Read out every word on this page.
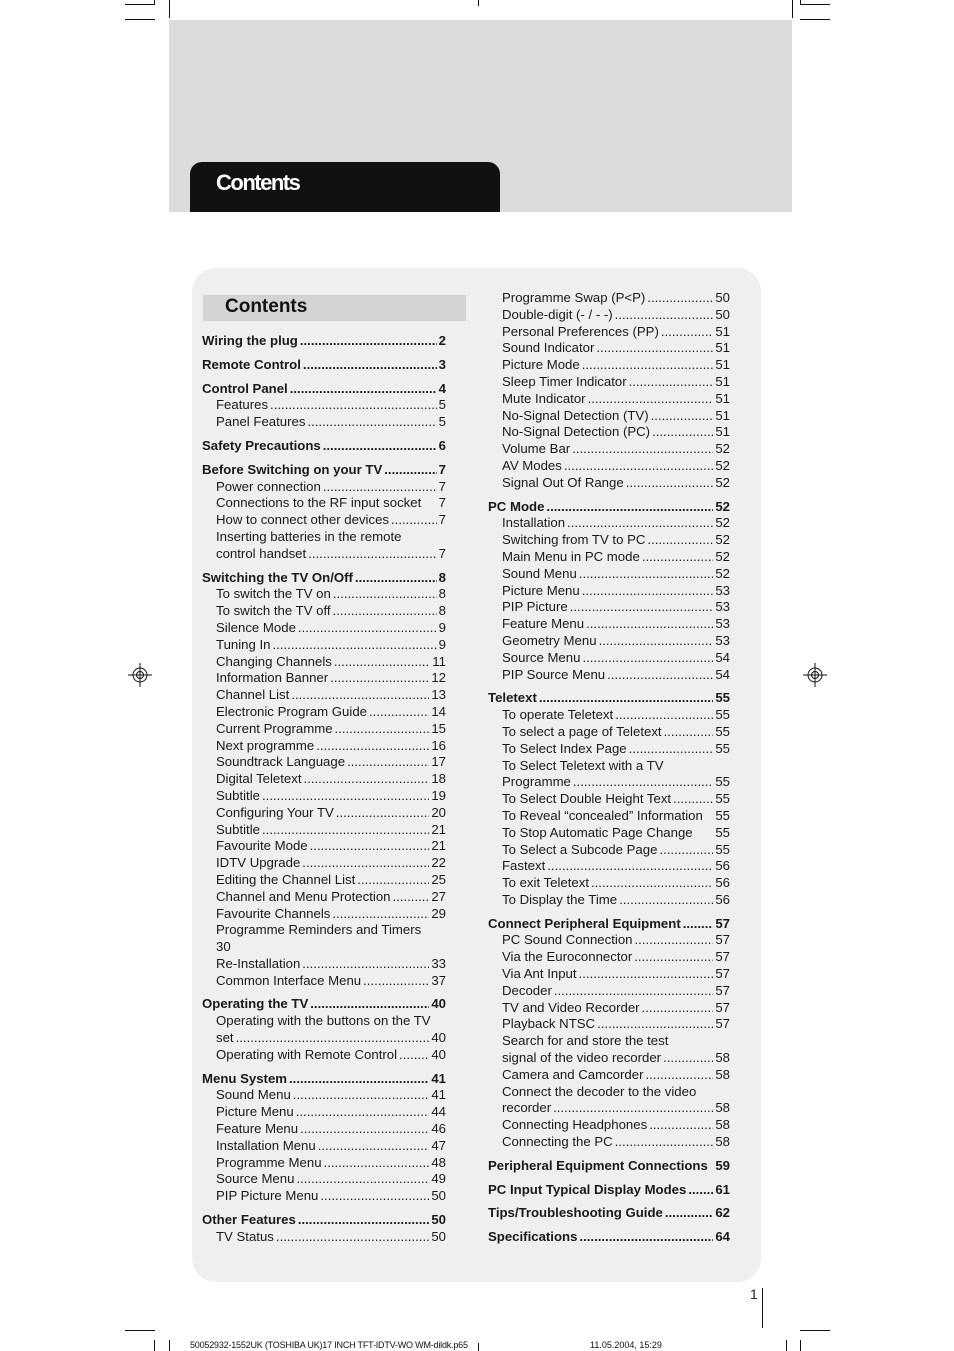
Contents
Contents
Wiring the plug .....	2
Remote Control .....	3
Control Panel .....	4
Features .....	5
Panel Features .....	5
Safety Precautions .....	6
Before Switching on your TV .....	7
Power connection .....	7
Connections to the RF input socket 7
How to connect other devices .....	7
Inserting batteries in the remote
control handset .....	7
Switching the TV On/Off .....	8
To switch the TV on .....	8
To switch the TV off .....	8
Silence Mode .....	9
Tuning In .....	9
Changing Channels .....	11
Information Banner .....	12
Channel List .....	13
Electronic Program Guide .....	14
Current Programme .....	15
Next programme .....	16
Soundtrack Language .....	17
Digital Teletext .....	18
Subtitle .....	19
Configuring Your TV .....	20
Subtitle .....	21
Favourite Mode .....	21
IDTV Upgrade .....	22
Editing the Channel List .....	25
Channel and Menu Protection .....	27
Favourite Channels .....	29
Programme Reminders and Timers
30
Re-Installation .....	33
Common Interface Menu .....	37
Operating the TV .....	40
Operating with the buttons on the TV
set .....	40
Operating with Remote Control .....	40
Menu System .....	41
Sound Menu .....	41
Picture Menu .....	44
Feature Menu .....	46
Installation Menu .....	47
Programme Menu .....	48
Source Menu .....	49
PIP Picture Menu .....	50
Other Features .....	50
TV Status .....	50
Programme Swap (P<P) .....	50
Double-digit (- / - -) .....	50
Personal Preferences (PP) .....	51
Sound Indicator .....	51
Picture Mode .....	51
Sleep Timer Indicator .....	51
Mute Indicator .....	51
No-Signal Detection (TV) .....	51
No-Signal Detection (PC) .....	51
Volume Bar .....	52
AV Modes .....	52
Signal Out Of Range .....	52
PC Mode .....	52
Installation .....	52
Switching from TV to PC .....	52
Main Menu in PC mode .....	52
Sound Menu .....	52
Picture Menu .....	53
PIP Picture .....	53
Feature Menu .....	53
Geometry Menu .....	53
Source Menu .....	54
PIP Source Menu .....	54
Teletext .....	55
To operate Teletext .....	55
To select a page of Teletext .....	55
To Select Index Page .....	55
To Select Teletext with a TV
Programme .....	55
To Select Double Height Text .....	55
To Reveal “concealed” Information 55
To Stop Automatic Page Change 55
To Select a Subcode Page .....	55
Fastext .....	56
To exit Teletext .....	56
To Display the Time .....	56
Connect Peripheral Equipment .....	57
PC Sound Connection .....	57
Via the Euroconnector .....	57
Via Ant Input .....	57
Decoder .....	57
TV and Video Recorder .....	57
Playback NTSC .....	57
Search for and store the test
signal of the video recorder .....	58
Camera and Camcorder .....	58
Connect the decoder to the video
recorder .....	58
Connecting Headphones .....	58
Connecting the PC .....	58
Peripheral Equipment Connections 59
PC Input Typical Display Modes ..... 61
Tips/Troubleshooting Guide .....	62
Specifications .....	64
1
50052932-1552UK (TOSHIBA UK)17 INCH TFT-IDTV-WO WM-dildk.p65	11.05.2004, 15:29
